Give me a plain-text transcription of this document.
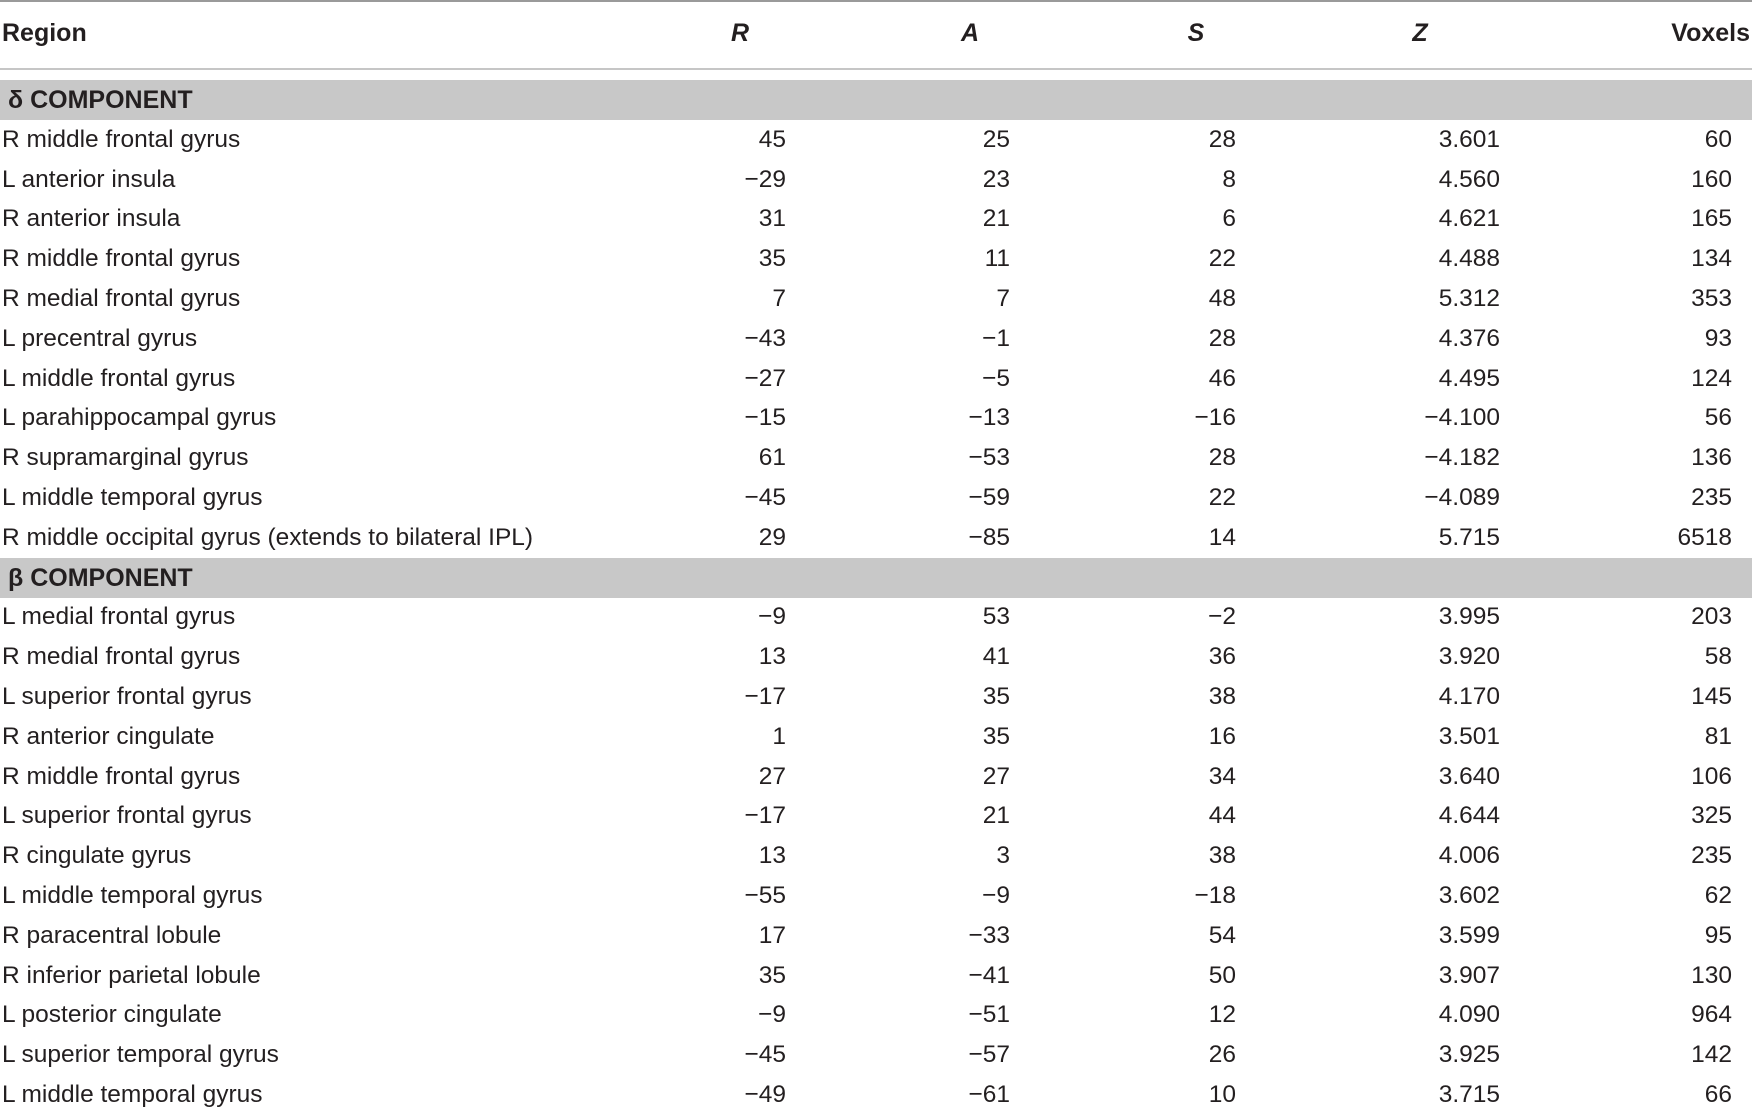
Region	R	A	S	Z	Voxels
δ COMPONENT
R middle frontal gyrus	45	25	28	3.601	60
L anterior insula	−29	23	8	4.560	160
R anterior insula	31	21	6	4.621	165
R middle frontal gyrus	35	11	22	4.488	134
R medial frontal gyrus	7	7	48	5.312	353
L precentral gyrus	−43	−1	28	4.376	93
L middle frontal gyrus	−27	−5	46	4.495	124
L parahippocampal gyrus	−15	−13	−16	−4.100	56
R supramarginal gyrus	61	−53	28	−4.182	136
L middle temporal gyrus	−45	−59	22	−4.089	235
R middle occipital gyrus (extends to bilateral IPL)	29	−85	14	5.715	6518
β COMPONENT
L medial frontal gyrus	−9	53	−2	3.995	203
R medial frontal gyrus	13	41	36	3.920	58
L superior frontal gyrus	−17	35	38	4.170	145
R anterior cingulate	1	35	16	3.501	81
R middle frontal gyrus	27	27	34	3.640	106
L superior frontal gyrus	−17	21	44	4.644	325
R cingulate gyrus	13	3	38	4.006	235
L middle temporal gyrus	−55	−9	−18	3.602	62
R paracentral lobule	17	−33	54	3.599	95
R inferior parietal lobule	35	−41	50	3.907	130
L posterior cingulate	−9	−51	12	4.090	964
L superior temporal gyrus	−45	−57	26	3.925	142
L middle temporal gyrus	−49	−61	10	3.715	66
